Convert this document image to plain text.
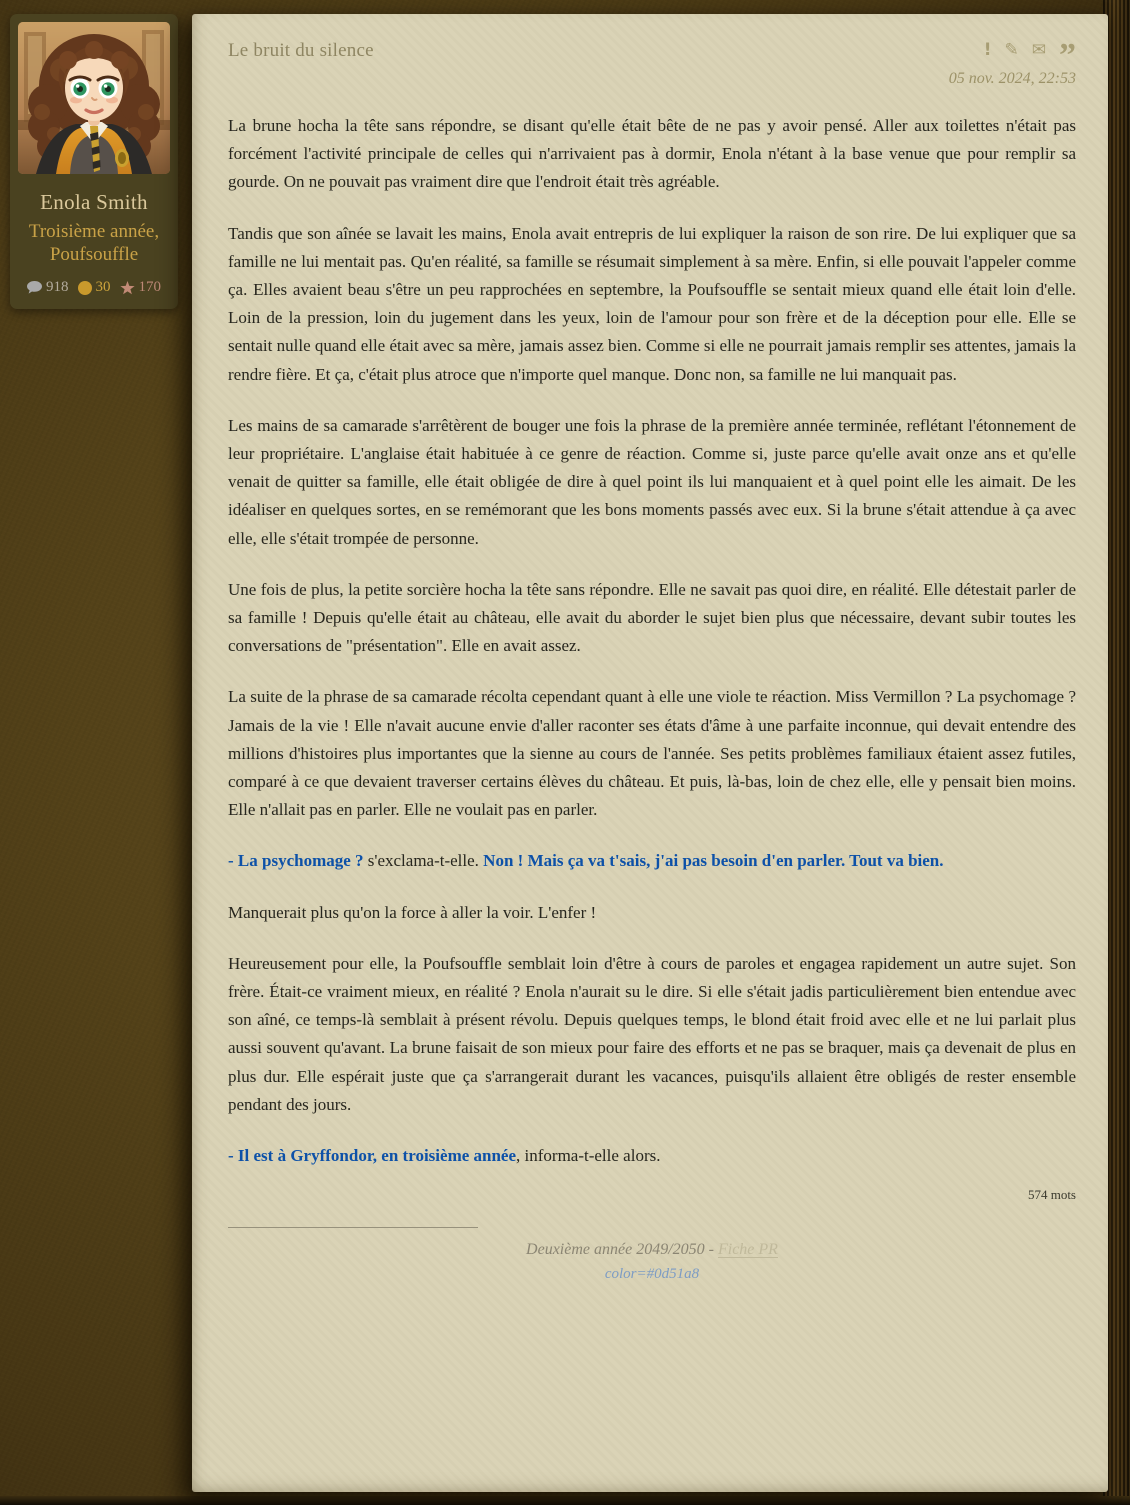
Enola Smith
Troisième année,
Poufsouffle
918 30 170
Le bruit du silence	! ✎ ✉ ”
05 nov. 2024, 22:53

La brune hocha la tête sans répondre, se disant qu'elle était bête de ne pas y avoir pensé. Aller aux toilettes n'était pas forcément l'activité principale de celles qui n'arrivaient pas à dormir, Enola n'étant à la base venue que pour remplir sa gourde. On ne pouvait pas vraiment dire que l'endroit était très agréable.

Tandis que son aînée se lavait les mains, Enola avait entrepris de lui expliquer la raison de son rire. De lui expliquer que sa famille ne lui mentait pas. Qu'en réalité, sa famille se résumait simplement à sa mère. Enfin, si elle pouvait l'appeler comme ça. Elles avaient beau s'être un peu rapprochées en septembre, la Poufsouffle se sentait mieux quand elle était loin d'elle. Loin de la pression, loin du jugement dans les yeux, loin de l'amour pour son frère et de la déception pour elle. Elle se sentait nulle quand elle était avec sa mère, jamais assez bien. Comme si elle ne pourrait jamais remplir ses attentes, jamais la rendre fière. Et ça, c'était plus atroce que n'importe quel manque. Donc non, sa famille ne lui manquait pas.

Les mains de sa camarade s'arrêtèrent de bouger une fois la phrase de la première année terminée, reflétant l'étonnement de leur propriétaire. L'anglaise était habituée à ce genre de réaction. Comme si, juste parce qu'elle avait onze ans et qu'elle venait de quitter sa famille, elle était obligée de dire à quel point ils lui manquaient et à quel point elle les aimait. De les idéaliser en quelques sortes, en se remémorant que les bons moments passés avec eux. Si la brune s'était attendue à ça avec elle, elle s'était trompée de personne.

Une fois de plus, la petite sorcière hocha la tête sans répondre. Elle ne savait pas quoi dire, en réalité. Elle détestait parler de sa famille ! Depuis qu'elle était au château, elle avait du aborder le sujet bien plus que nécessaire, devant subir toutes les conversations de "présentation". Elle en avait assez.

La suite de la phrase de sa camarade récolta cependant quant à elle une viole te réaction. Miss Vermillon ? La psychomage ? Jamais de la vie ! Elle n'avait aucune envie d'aller raconter ses états d'âme à une parfaite inconnue, qui devait entendre des millions d'histoires plus importantes que la sienne au cours de l'année. Ses petits problèmes familiaux étaient assez futiles, comparé à ce que devaient traverser certains élèves du château. Et puis, là-bas, loin de chez elle, elle y pensait bien moins. Elle n'allait pas en parler. Elle ne voulait pas en parler.

- La psychomage ? s'exclama-t-elle. Non ! Mais ça va t'sais, j'ai pas besoin d'en parler. Tout va bien.

Manquerait plus qu'on la force à aller la voir. L'enfer !

Heureusement pour elle, la Poufsouffle semblait loin d'être à cours de paroles et engagea rapidement un autre sujet. Son frère. Était-ce vraiment mieux, en réalité ? Enola n'aurait su le dire. Si elle s'était jadis particulièrement bien entendue avec son aîné, ce temps-là semblait à présent révolu. Depuis quelques temps, le blond était froid avec elle et ne lui parlait plus aussi souvent qu'avant. La brune faisait de son mieux pour faire des efforts et ne pas se braquer, mais ça devenait de plus en plus dur. Elle espérait juste que ça s'arrangerait durant les vacances, puisqu'ils allaient être obligés de rester ensemble pendant des jours.

- Il est à Gryffondor, en troisième année, informa-t-elle alors.

574 mots
Deuxième année 2049/2050 - Fiche PR
color=#0d51a8
